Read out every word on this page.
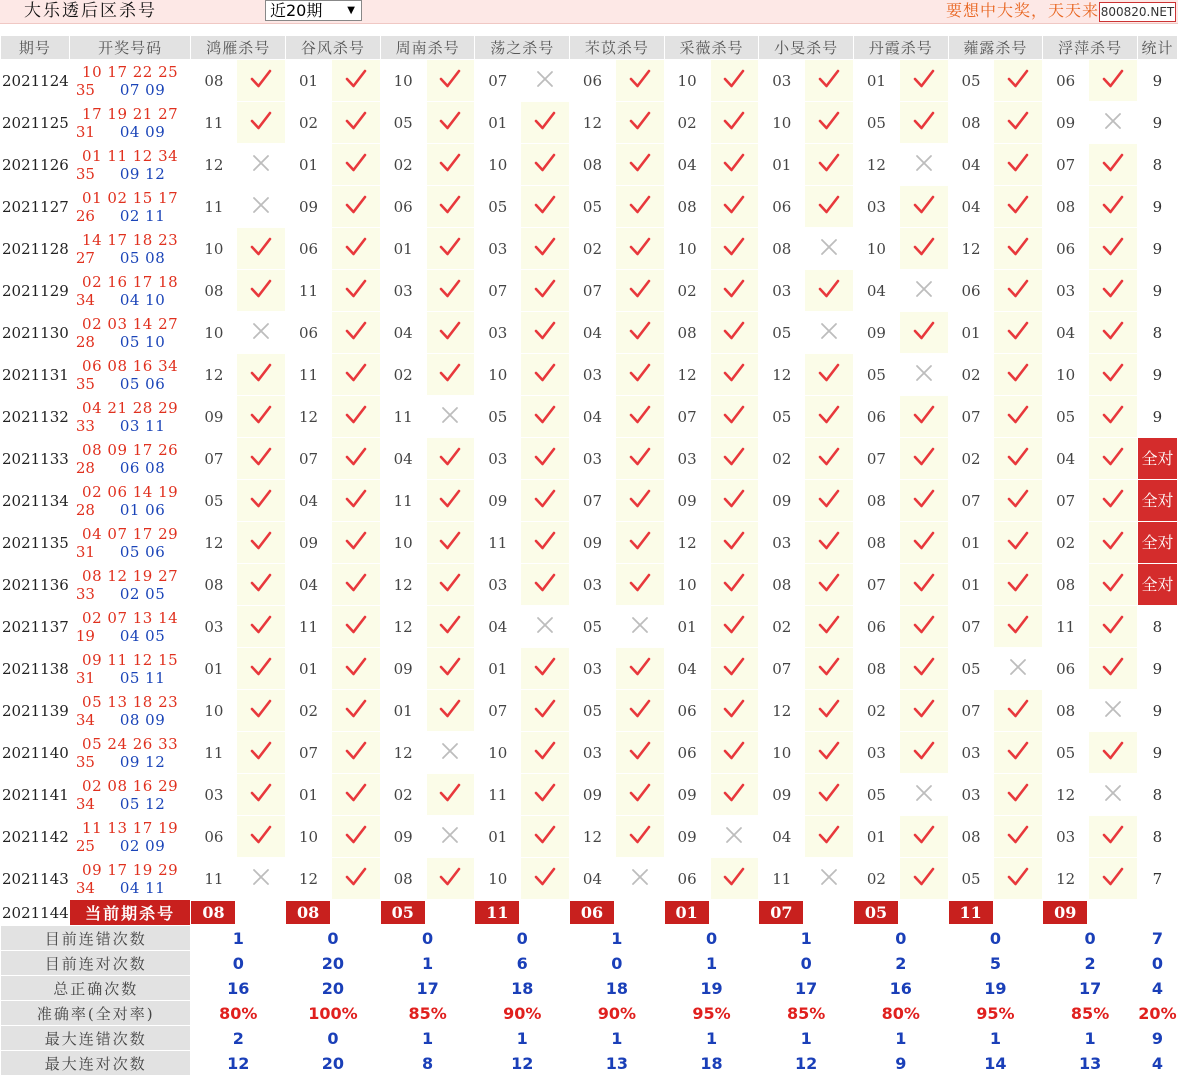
大乐透后区杀号	近20期 ▼	要想中大奖，天天来 800820.NET
期号	开奖号码	鸿雁杀号		谷风杀号		周南杀号		荡之杀号		芣苡杀号		采薇杀号		小旻杀号		丹霞杀号		蕹露杀号		浮萍杀号		统计
2021124	10 17 22 25
35 07 09	08		01		10		07		06		10		03		01		05		06		9
2021125	17 19 21 27
31 04 09	11		02		05		01		12		02		10		05		08		09		9
2021126	01 11 12 34
35 09 12	12		01		02		10		08		04		01		12		04		07		8
2021127	01 02 15 17
26 02 11	11		09		06		05		05		08		06		03		04		08		9
2021128	14 17 18 23
27 05 08	10		06		01		03		02		10		08		10		12		06		9
2021129	02 16 17 18
34 04 10	08		11		03		07		07		02		03		04		06		03		9
2021130	02 03 14 27
28 05 10	10		06		04		03		04		08		05		09		01		04		8
2021131	06 08 16 34
35 05 06	12		11		02		10		03		12		12		05		02		10		9
2021132	04 21 28 29
33 03 11	09		12		11		05		04		07		05		06		07		05		9
2021133	08 09 17 26
28 06 08	07		07		04		03		03		03		02		07		02		04		全对
2021134	02 06 14 19
28 01 06	05		04		11		09		07		09		09		08		07		07		全对
2021135	04 07 17 29
31 05 06	12		09		10		11		09		12		03		08		01		02		全对
2021136	08 12 19 27
33 02 05	08		04		12		03		03		10		08		07		01		08		全对
2021137	02 07 13 14
19 04 05	03		11		12		04		05		01		02		06		07		11		8
2021138	09 11 12 15
31 05 11	01		01		09		01		03		04		07		08		05		06		9
2021139	05 13 18 23
34 08 09	10		02		01		07		05		06		12		02		07		08		9
2021140	05 24 26 33
35 09 12	11		07		12		10		03		06		10		03		03		05		9
2021141	02 08 16 29
34 05 12	03		01		02		11		09		09		09		05		03		12		8
2021142	11 13 17 19
25 02 09	06		10		09		01		12		09		04		01		08		03		8
2021143	09 17 19 29
34 04 11	11		12		08		10		04		06		11		02		05		12		7
2021144	当前期杀号	08		08		05		11		06		01		07		05		11		09		
目前连错次数		1		0		0		0		1		0		1		0		0		0		7
目前连对次数		0		20		1		6		0		1		0		2		5		2		0
总正确次数		16		20		17		18		18		19		17		16		19		17		4
准确率(全对率)		80%		100%		85%		90%		90%		95%		85%		80%		95%		85%		20%
最大连错次数		2		0		1		1		1		1		1		1		1		1		9
最大连对次数		12		20		8		12		13		18		12		9		14		13		4
